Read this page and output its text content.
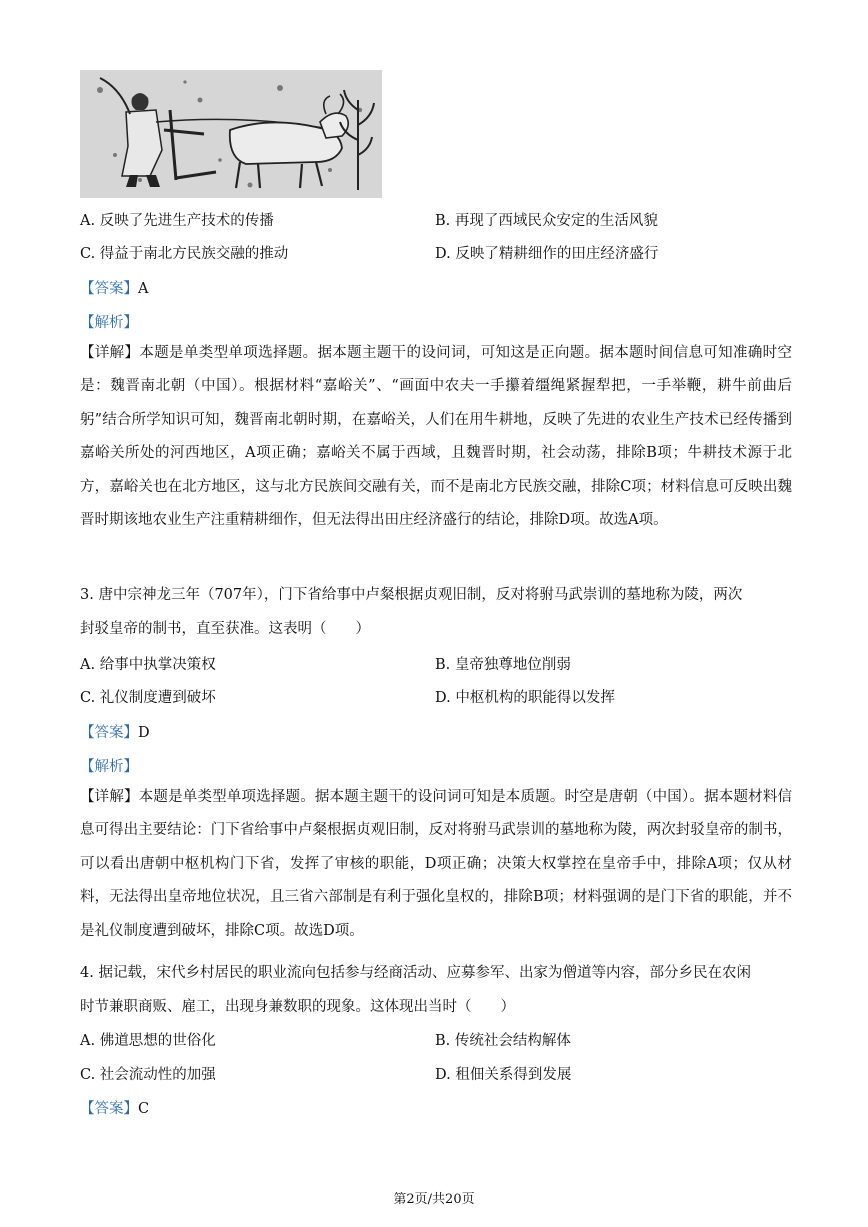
A. 反映了先进生产技术的传播	B. 再现了西域民众安定的生活风貌
C. 得益于南北方民族交融的推动	D. 反映了精耕细作的田庄经济盛行
【答案】A
【解析】
【详解】本题是单类型单项选择题。据本题主题干的设问词，可知这是正向题。据本题时间信息可知准确时空是：魏晋南北朝（中国）。根据材料“嘉峪关”、“画面中农夫一手攥着缰绳紧握犁把，一手举鞭，耕牛前曲后躬”结合所学知识可知，魏晋南北朝时期，在嘉峪关，人们在用牛耕地，反映了先进的农业生产技术已经传播到嘉峪关所处的河西地区，A项正确；嘉峪关不属于西域，且魏晋时期，社会动荡，排除B项；牛耕技术源于北方，嘉峪关也在北方地区，这与北方民族间交融有关，而不是南北方民族交融，排除C项；材料信息可反映出魏晋时期该地农业生产注重精耕细作，但无法得出田庄经济盛行的结论，排除D项。故选A项。
3. 唐中宗神龙三年（707年），门下省给事中卢粲根据贞观旧制，反对将驸马武崇训的墓地称为陵，两次
封驳皇帝的制书，直至获准。这表明（　　）
A. 给事中执掌决策权	B. 皇帝独尊地位削弱
C. 礼仪制度遭到破坏	D. 中枢机构的职能得以发挥
【答案】D
【解析】
【详解】本题是单类型单项选择题。据本题主题干的设问词可知是本质题。时空是唐朝（中国）。据本题材料信息可得出主要结论：门下省给事中卢粲根据贞观旧制，反对将驸马武崇训的墓地称为陵，两次封驳皇帝的制书，可以看出唐朝中枢机构门下省，发挥了审核的职能，D项正确；决策大权掌控在皇帝手中，排除A项；仅从材料，无法得出皇帝地位状况，且三省六部制是有利于强化皇权的，排除B项；材料强调的是门下省的职能，并不是礼仪制度遭到破坏，排除C项。故选D项。
4. 据记载，宋代乡村居民的职业流向包括参与经商活动、应募参军、出家为僧道等内容，部分乡民在农闲
时节兼职商贩、雇工，出现身兼数职的现象。这体现出当时（　　）
A. 佛道思想的世俗化	B. 传统社会结构解体
C. 社会流动性的加强	D. 租佃关系得到发展
【答案】C
第2页/共20页
